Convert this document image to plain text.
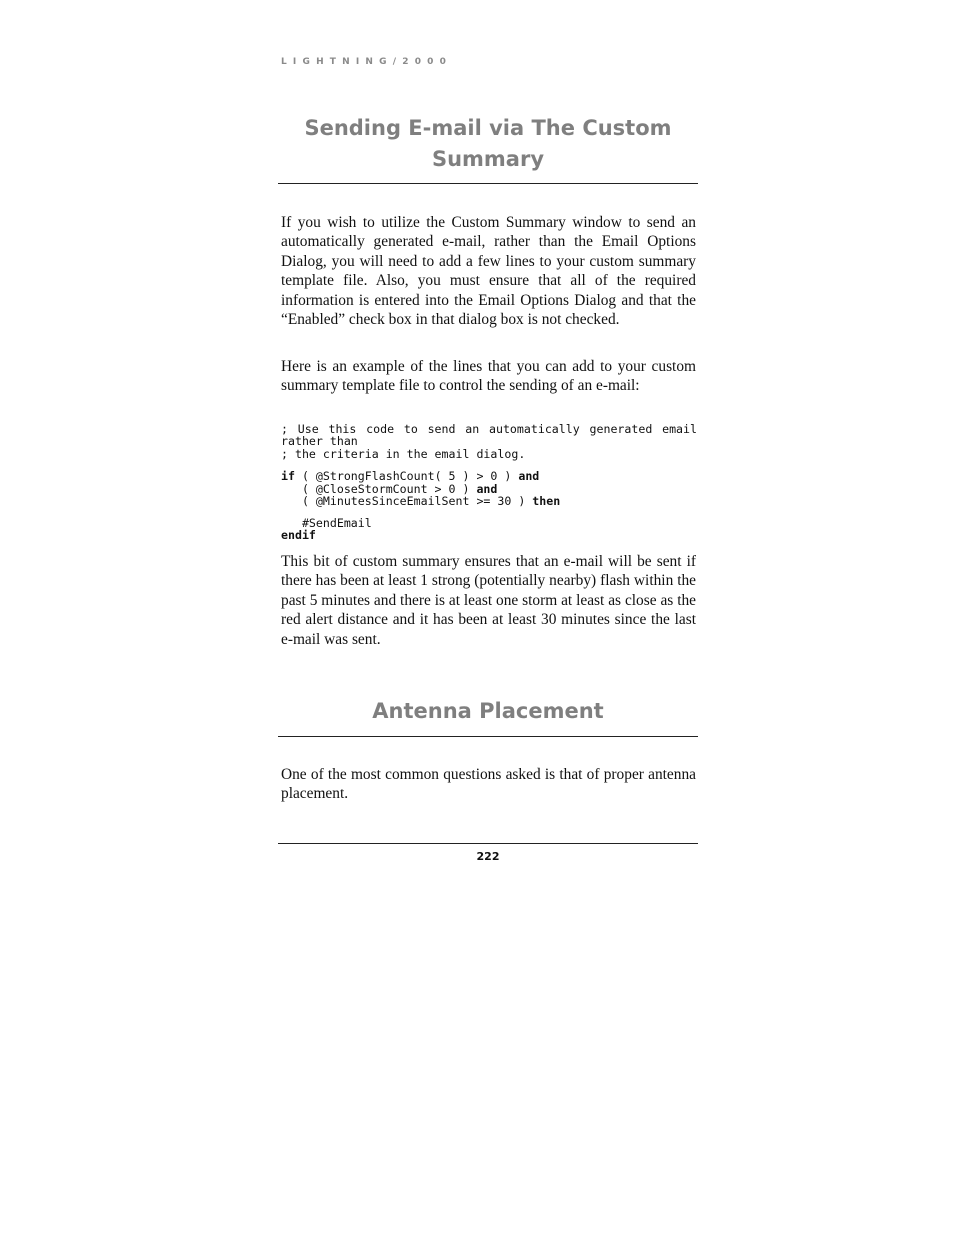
LIGHTNING/2000
Sending E-mail via The Custom Summary

If you wish to utilize the Custom Summary window to send an automatically generated e-mail, rather than the Email Options Dialog, you will need to add a few lines to your custom summary template file. Also, you must ensure that all of the required information is entered into the Email Options Dialog and that the “Enabled” check box in that dialog box is not checked.

Here is an example of the lines that you can add to your custom summary template file to control the sending of an e-mail:

; Use this code to send an automatically generated email rather than
; the criteria in the email dialog.
if ( @StrongFlashCount( 5 ) > 0 ) and
( @CloseStormCount > 0 ) and
( @MinutesSinceEmailSent >= 30 ) then
#SendEmail
endif

This bit of custom summary ensures that an e-mail will be sent if there has been at least 1 strong (potentially nearby) flash within the past 5 minutes and there is at least one storm at least as close as the red alert distance and it has been at least 30 minutes since the last e-mail was sent.

Antenna Placement

One of the most common questions asked is that of proper antenna placement.

222
